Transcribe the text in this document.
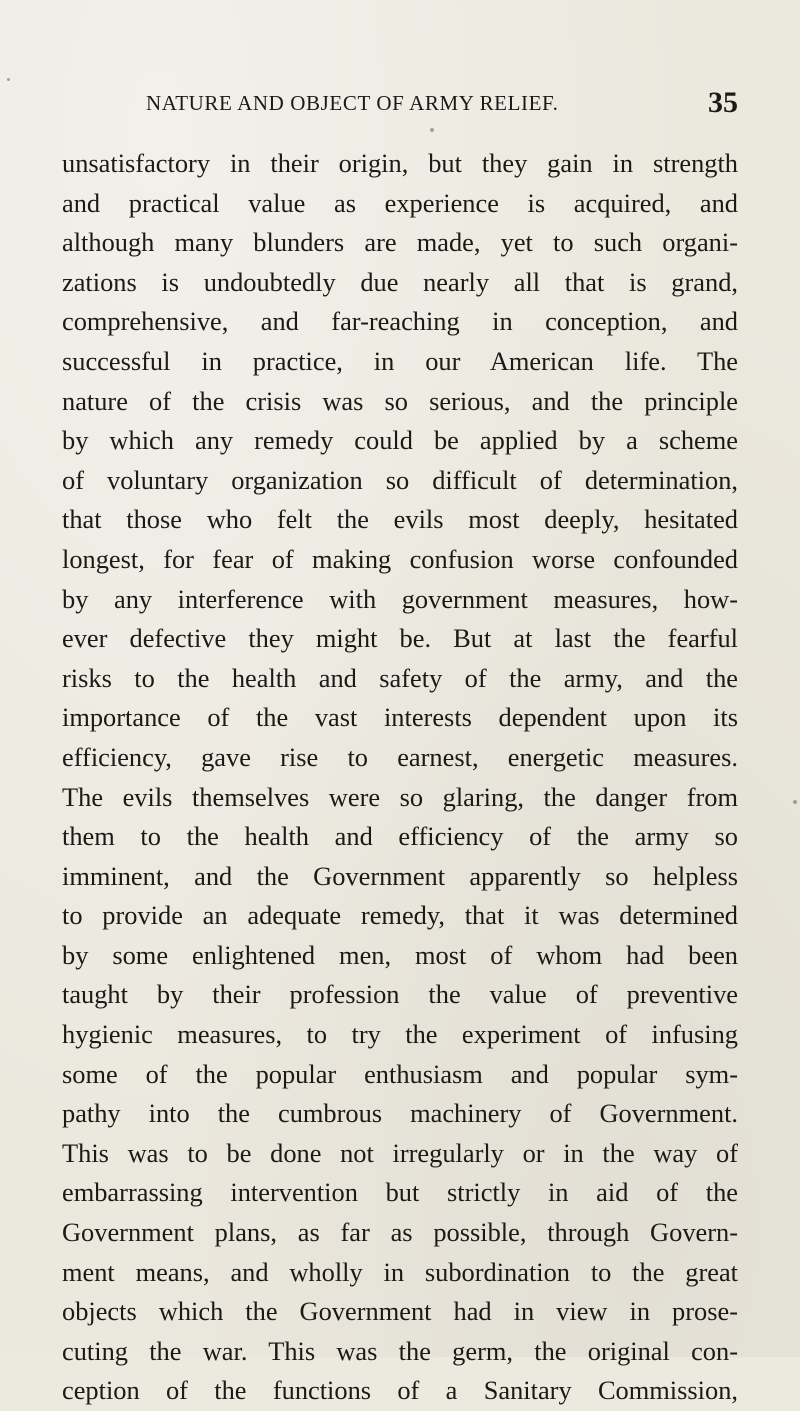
NATURE AND OBJECT OF ARMY RELIEF.	35
unsatisfactory in their origin, but they gain in strength
and practical value as experience is acquired, and
although many blunders are made, yet to such organi-
zations is undoubtedly due nearly all that is grand,
comprehensive, and far-reaching in conception, and
successful in practice, in our American life. The
nature of the crisis was so serious, and the principle
by which any remedy could be applied by a scheme
of voluntary organization so difficult of determination,
that those who felt the evils most deeply, hesitated
longest, for fear of making confusion worse confounded
by any interference with government measures, how-
ever defective they might be. But at last the fearful
risks to the health and safety of the army, and the
importance of the vast interests dependent upon its
efficiency, gave rise to earnest, energetic measures.
The evils themselves were so glaring, the danger from
them to the health and efficiency of the army so
imminent, and the Government apparently so helpless
to provide an adequate remedy, that it was determined
by some enlightened men, most of whom had been
taught by their profession the value of preventive
hygienic measures, to try the experiment of infusing
some of the popular enthusiasm and popular sym-
pathy into the cumbrous machinery of Government.
This was to be done not irregularly or in the way of
embarrassing intervention but strictly in aid of the
Government plans, as far as possible, through Govern-
ment means, and wholly in subordination to the great
objects which the Government had in view in prose-
cuting the war. This was the germ, the original con-
ception of the functions of a Sanitary Commission,
